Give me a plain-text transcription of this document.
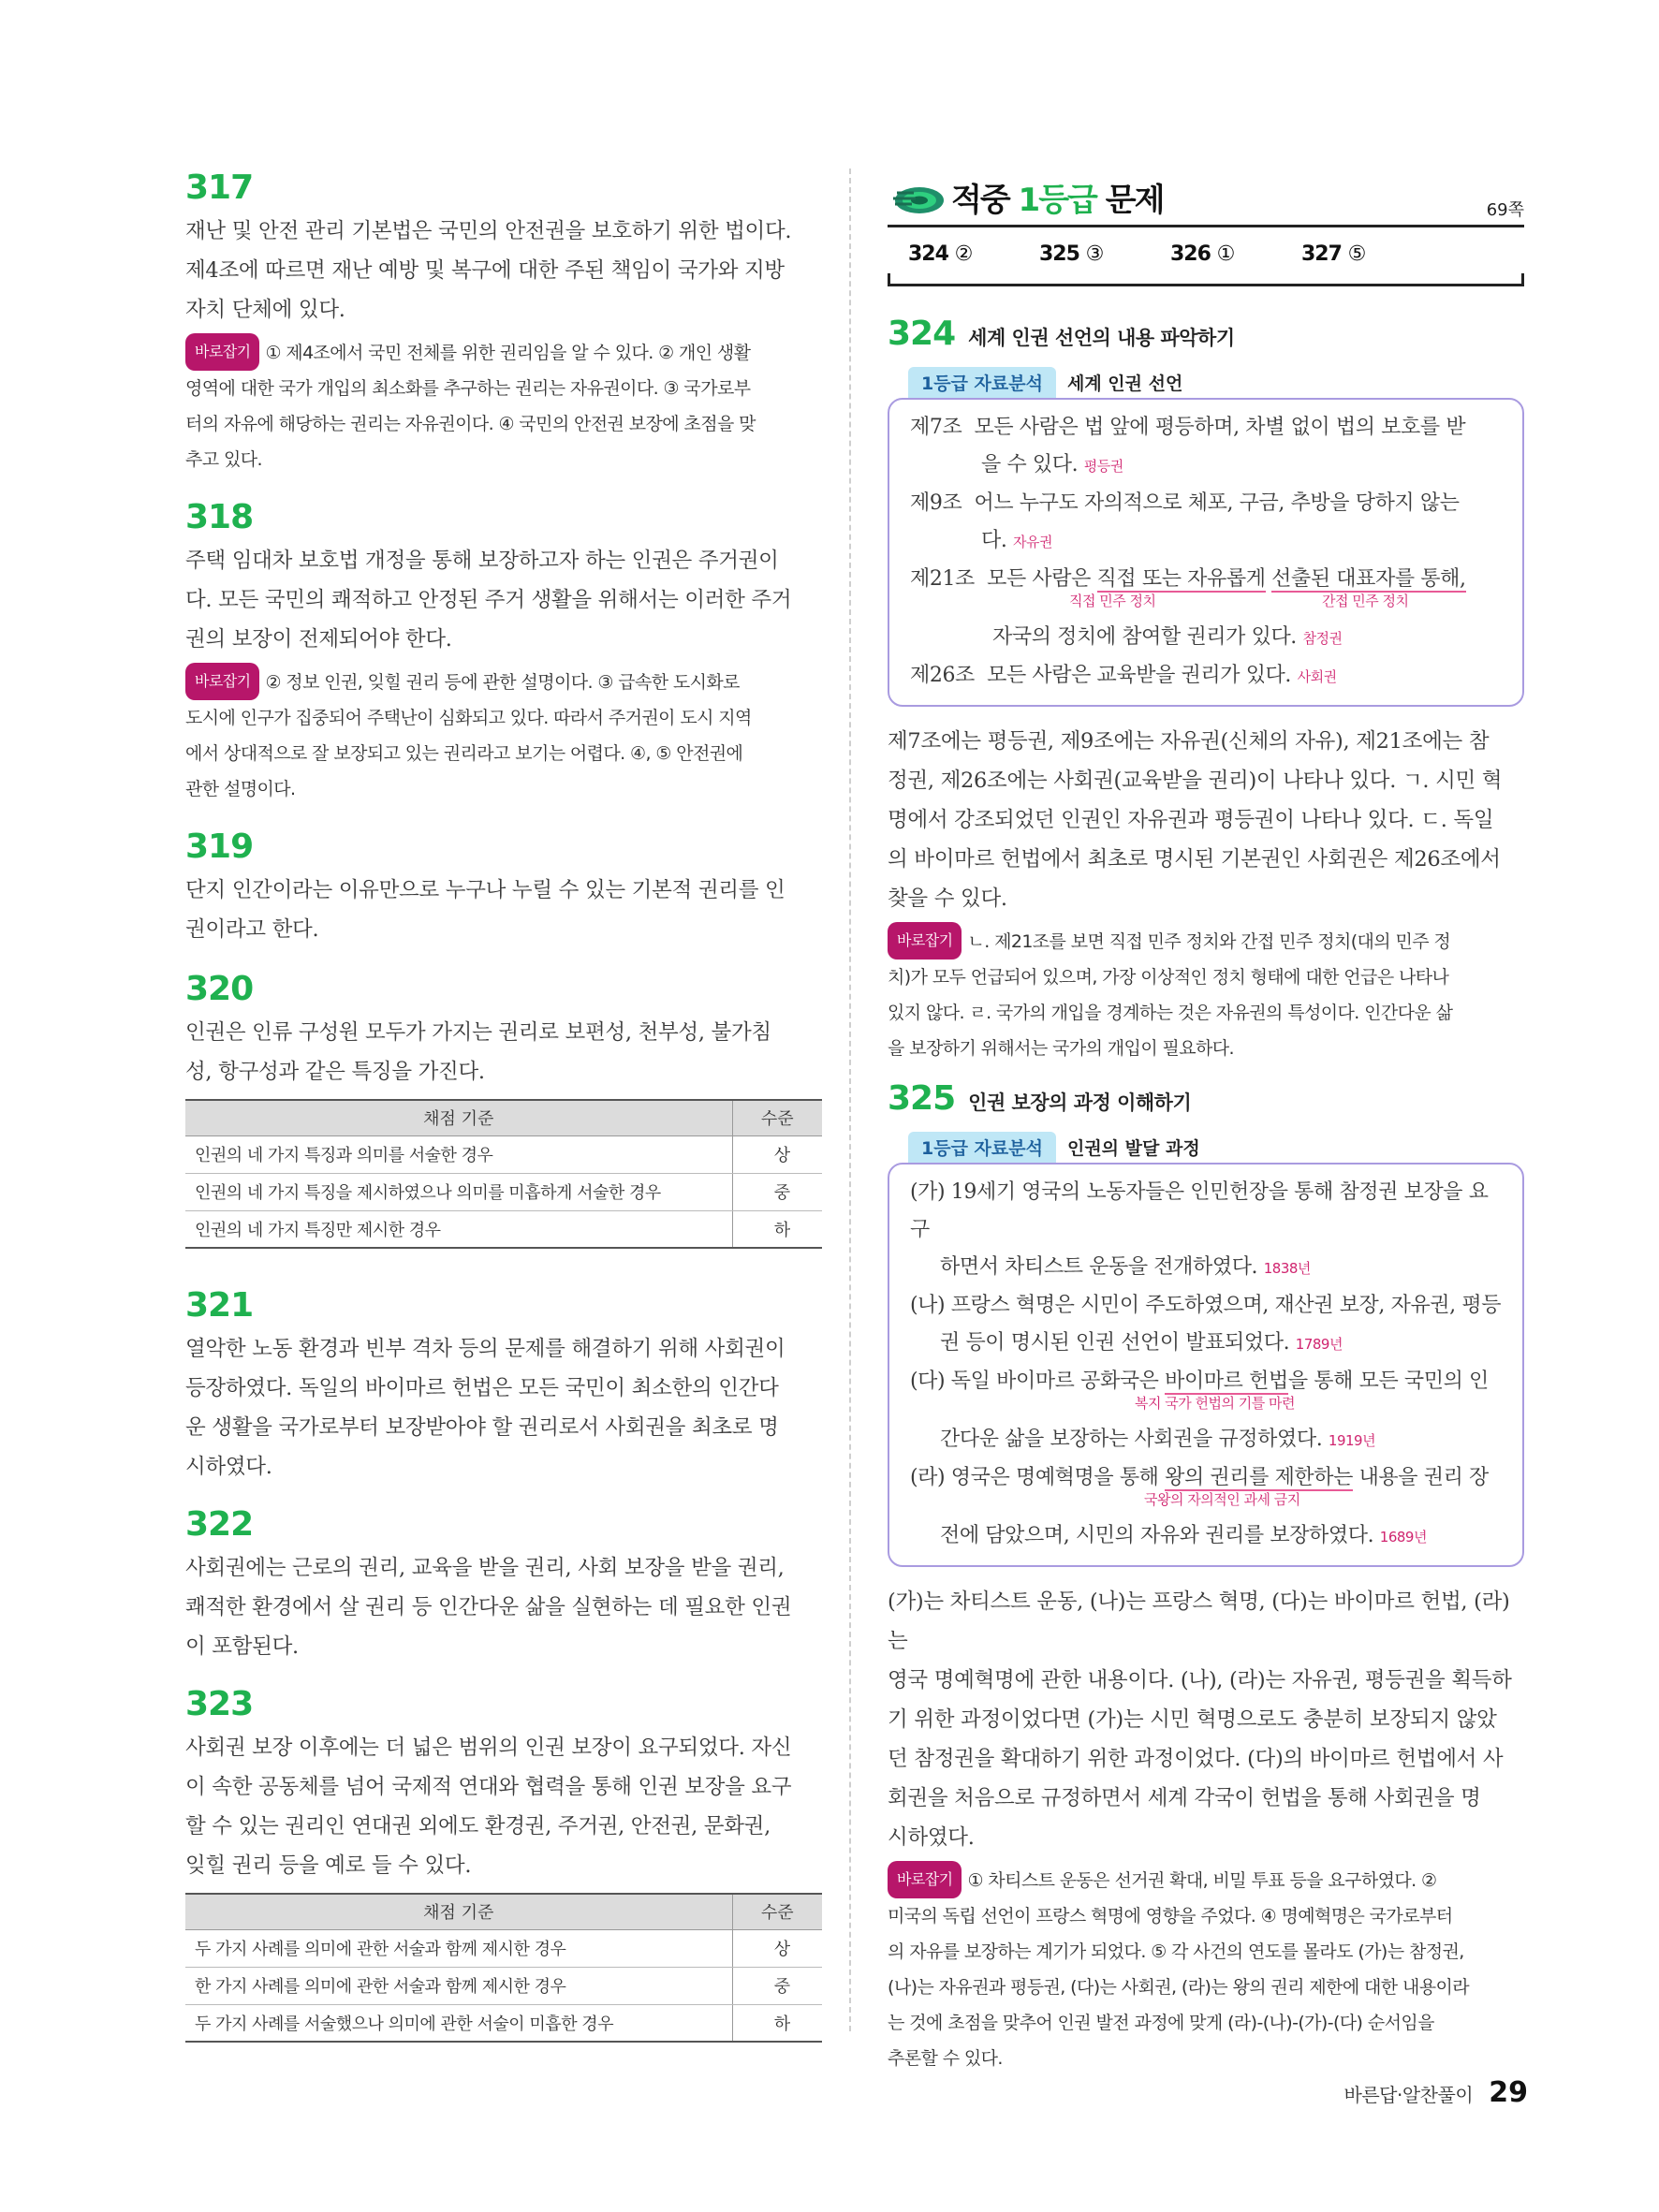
317
재난 및 안전 관리 기본법은 국민의 안전권을 보호하기 위한 법이다.
제4조에 따르면 재난 예방 및 복구에 대한 주된 책임이 국가와 지방
자치 단체에 있다.
바로잡기 ① 제4조에서 국민 전체를 위한 권리임을 알 수 있다. ② 개인 생활
영역에 대한 국가 개입의 최소화를 추구하는 권리는 자유권이다. ③ 국가로부
터의 자유에 해당하는 권리는 자유권이다. ④ 국민의 안전권 보장에 초점을 맞
추고 있다.
318
주택 임대차 보호법 개정을 통해 보장하고자 하는 인권은 주거권이
다. 모든 국민의 쾌적하고 안정된 주거 생활을 위해서는 이러한 주거
권의 보장이 전제되어야 한다.
바로잡기 ② 정보 인권, 잊힐 권리 등에 관한 설명이다. ③ 급속한 도시화로
도시에 인구가 집중되어 주택난이 심화되고 있다. 따라서 주거권이 도시 지역
에서 상대적으로 잘 보장되고 있는 권리라고 보기는 어렵다. ④, ⑤ 안전권에
관한 설명이다.
319
단지 인간이라는 이유만으로 누구나 누릴 수 있는 기본적 권리를 인
권이라고 한다.
320
인권은 인류 구성원 모두가 가지는 권리로 보편성, 천부성, 불가침
성, 항구성과 같은 특징을 가진다.
채점 기준	수준
인권의 네 가지 특징과 의미를 서술한 경우	상
인권의 네 가지 특징을 제시하였으나 의미를 미흡하게 서술한 경우	중
인권의 네 가지 특징만 제시한 경우	하
321
열악한 노동 환경과 빈부 격차 등의 문제를 해결하기 위해 사회권이
등장하였다. 독일의 바이마르 헌법은 모든 국민이 최소한의 인간다
운 생활을 국가로부터 보장받아야 할 권리로서 사회권을 최초로 명
시하였다.
322
사회권에는 근로의 권리, 교육을 받을 권리, 사회 보장을 받을 권리,
쾌적한 환경에서 살 권리 등 인간다운 삶을 실현하는 데 필요한 인권
이 포함된다.
323
사회권 보장 이후에는 더 넓은 범위의 인권 보장이 요구되었다. 자신
이 속한 공동체를 넘어 국제적 연대와 협력을 통해 인권 보장을 요구
할 수 있는 권리인 연대권 외에도 환경권, 주거권, 안전권, 문화권,
잊힐 권리 등을 예로 들 수 있다.
채점 기준	수준
두 가지 사례를 의미에 관한 서술과 함께 제시한 경우	상
한 가지 사례를 의미에 관한 서술과 함께 제시한 경우	중
두 가지 사례를 서술했으나 의미에 관한 서술이 미흡한 경우	하
적중 1등급 문제	69쪽
324 ②	325 ③	326 ①	327 ⑤
324 세계 인권 선언의 내용 파악하기
1등급 자료분석	세계 인권 선언
제7조 모든 사람은 법 앞에 평등하며, 차별 없이 법의 보호를 받
을 수 있다. 평등권
제9조 어느 누구도 자의적으로 체포, 구금, 추방을 당하지 않는
다. 자유권
제21조 모든 사람은 직접 또는 자유롭게 선출된 대표자를 통해,
직접 민주 정치	간접 민주 정치
자국의 정치에 참여할 권리가 있다. 참정권
제26조 모든 사람은 교육받을 권리가 있다. 사회권
제7조에는 평등권, 제9조에는 자유권(신체의 자유), 제21조에는 참
정권, 제26조에는 사회권(교육받을 권리)이 나타나 있다. ㄱ. 시민 혁
명에서 강조되었던 인권인 자유권과 평등권이 나타나 있다. ㄷ. 독일
의 바이마르 헌법에서 최초로 명시된 기본권인 사회권은 제26조에서
찾을 수 있다.
바로잡기 ㄴ. 제21조를 보면 직접 민주 정치와 간접 민주 정치(대의 민주 정
치)가 모두 언급되어 있으며, 가장 이상적인 정치 형태에 대한 언급은 나타나
있지 않다. ㄹ. 국가의 개입을 경계하는 것은 자유권의 특성이다. 인간다운 삶
을 보장하기 위해서는 국가의 개입이 필요하다.
325 인권 보장의 과정 이해하기
1등급 자료분석	인권의 발달 과정
(가) 19세기 영국의 노동자들은 인민헌장을 통해 참정권 보장을 요구
하면서 차티스트 운동을 전개하였다. 1838년
(나) 프랑스 혁명은 시민이 주도하였으며, 재산권 보장, 자유권, 평등
권 등이 명시된 인권 선언이 발표되었다. 1789년
(다) 독일 바이마르 공화국은 바이마르 헌법을 통해 모든 국민의 인
복지 국가 헌법의 기틀 마련
간다운 삶을 보장하는 사회권을 규정하였다. 1919년
(라) 영국은 명예혁명을 통해 왕의 권리를 제한하는 내용을 권리 장
국왕의 자의적인 과세 금지
전에 담았으며, 시민의 자유와 권리를 보장하였다. 1689년
(가)는 차티스트 운동, (나)는 프랑스 혁명, (다)는 바이마르 헌법, (라)는
영국 명예혁명에 관한 내용이다. (나), (라)는 자유권, 평등권을 획득하
기 위한 과정이었다면 (가)는 시민 혁명으로도 충분히 보장되지 않았
던 참정권을 확대하기 위한 과정이었다. (다)의 바이마르 헌법에서 사
회권을 처음으로 규정하면서 세계 각국이 헌법을 통해 사회권을 명
시하였다.
바로잡기 ① 차티스트 운동은 선거권 확대, 비밀 투표 등을 요구하였다. ②
미국의 독립 선언이 프랑스 혁명에 영향을 주었다. ④ 명예혁명은 국가로부터
의 자유를 보장하는 계기가 되었다. ⑤ 각 사건의 연도를 몰라도 (가)는 참정권,
(나)는 자유권과 평등권, (다)는 사회권, (라)는 왕의 권리 제한에 대한 내용이라
는 것에 초점을 맞추어 인권 발전 과정에 맞게 (라)-(나)-(가)-(다) 순서임을
추론할 수 있다.
바른답·알찬풀이 29
